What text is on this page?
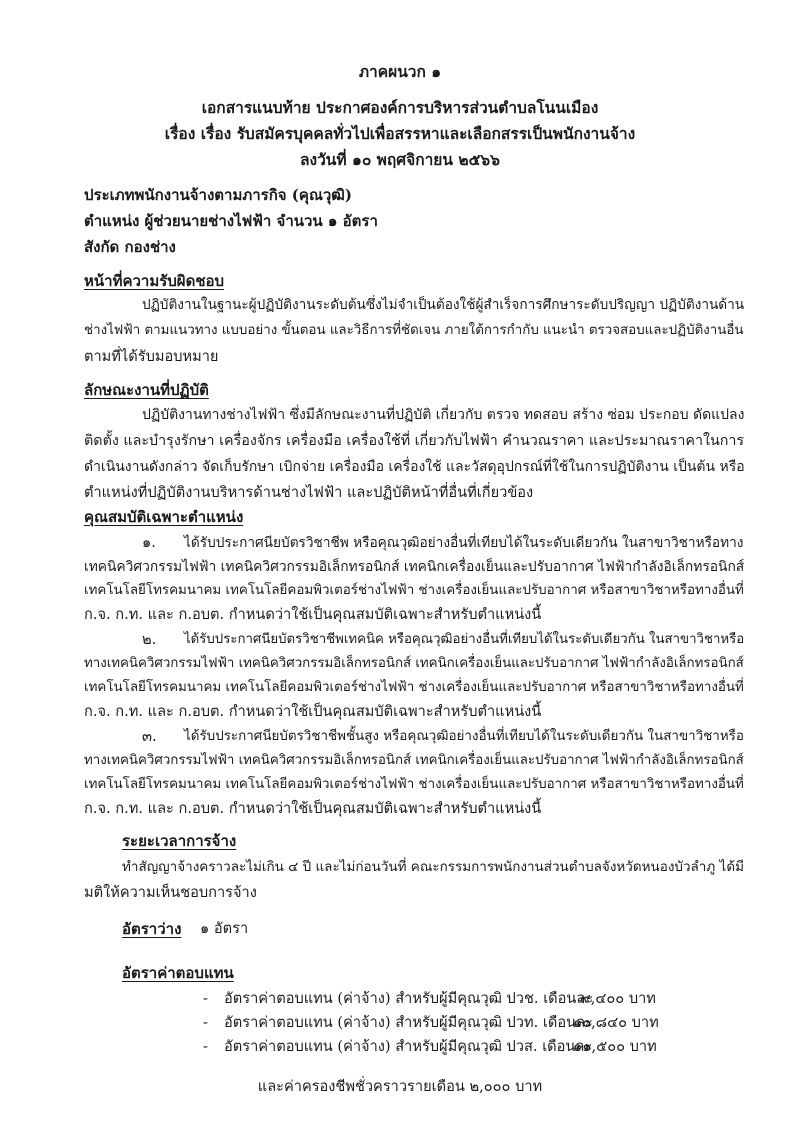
ภาคผนวก ๑
เอกสารแนบท้าย ประกาศองค์การบริหารส่วนตำบลโนนเมือง
เรื่อง เรื่อง รับสมัครบุคคลทั่วไปเพื่อสรรหาและเลือกสรรเป็นพนักงานจ้าง
ลงวันที่ ๑๐ พฤศจิกายน ๒๕๖๖
ประเภทพนักงานจ้างตามภารกิจ (คุณวุฒิ)
ตำแหน่ง ผู้ช่วยนายช่างไฟฟ้า จำนวน ๑ อัตรา
สังกัด กองช่าง
หน้าที่ความรับผิดชอบ
ปฏิบัติงานในฐานะผู้ปฏิบัติงานระดับต้นซึ่งไม่จำเป็นต้องใช้ผู้สำเร็จการศึกษาระดับปริญญา ปฏิบัติงานด้าน
ช่างไฟฟ้า ตามแนวทาง แบบอย่าง ขั้นตอน และวิธีการที่ชัดเจน ภายใต้การกำกับ แนะนำ ตรวจสอบและปฏิบัติงานอื่น
ตามที่ได้รับมอบหมาย
ลักษณะงานที่ปฏิบัติ
ปฏิบัติงานทางช่างไฟฟ้า ซึ่งมีลักษณะงานที่ปฏิบัติ เกี่ยวกับ ตรวจ ทดสอบ สร้าง ซ่อม ประกอบ ดัดแปลง
ติดตั้ง และบำรุงรักษา เครื่องจักร เครื่องมือ เครื่องใช้ที่ เกี่ยวกับไฟฟ้า คำนวณราคา และประมาณราคาในการ
ดำเนินงานดังกล่าว จัดเก็บรักษา เบิกจ่าย เครื่องมือ เครื่องใช้ และวัสดุอุปกรณ์ที่ใช้ในการปฏิบัติงาน เป็นต้น หรือ
ตำแหน่งที่ปฏิบัติงานบริหารด้านช่างไฟฟ้า และปฏิบัติหน้าที่อื่นที่เกี่ยวข้อง
คุณสมบัติเฉพาะตำแหน่ง
๑. ได้รับประกาศนียบัตรวิชาชีพ หรือคุณวุฒิอย่างอื่นที่เทียบได้ในระดับเดียวกัน ในสาขาวิชาหรือทาง
เทคนิควิศวกรรมไฟฟ้า เทคนิควิศวกรรมอิเล็กทรอนิกส์ เทคนิกเครื่องเย็นและปรับอากาศ ไฟฟ้ากำลังอิเล็กทรอนิกส์
เทคโนโลยีโทรคมนาคม เทคโนโลยีคอมพิวเตอร์ช่างไฟฟ้า ช่างเครื่องเย็นและปรับอากาศ หรือสาขาวิชาหรือทางอื่นที่
ก.จ. ก.ท. และ ก.อบต. กำหนดว่าใช้เป็นคุณสมบัติเฉพาะสำหรับตำแหน่งนี้
๒. ได้รับประกาศนียบัตรวิชาชีพเทคนิค หรือคุณวุฒิอย่างอื่นที่เทียบได้ในระดับเดียวกัน ในสาขาวิชาหรือ
ทางเทคนิควิศวกรรมไฟฟ้า เทคนิควิศวกรรมอิเล็กทรอนิกส์ เทคนิกเครื่องเย็นและปรับอากาศ ไฟฟ้ากำลังอิเล็กทรอนิกส์
เทคโนโลยีโทรคมนาคม เทคโนโลยีคอมพิวเตอร์ช่างไฟฟ้า ช่างเครื่องเย็นและปรับอากาศ หรือสาขาวิชาหรือทางอื่นที่
ก.จ. ก.ท. และ ก.อบต. กำหนดว่าใช้เป็นคุณสมบัติเฉพาะสำหรับตำแหน่งนี้
๓. ได้รับประกาศนียบัตรวิชาชีพชั้นสูง หรือคุณวุฒิอย่างอื่นที่เทียบได้ในระดับเดียวกัน ในสาขาวิชาหรือ
ทางเทคนิควิศวกรรมไฟฟ้า เทคนิควิศวกรรมอิเล็กทรอนิกส์ เทคนิกเครื่องเย็นและปรับอากาศ ไฟฟ้ากำลังอิเล็กทรอนิกส์
เทคโนโลยีโทรคมนาคม เทคโนโลยีคอมพิวเตอร์ช่างไฟฟ้า ช่างเครื่องเย็นและปรับอากาศ หรือสาขาวิชาหรือทางอื่นที่
ก.จ. ก.ท. และ ก.อบต. กำหนดว่าใช้เป็นคุณสมบัติเฉพาะสำหรับตำแหน่งนี้
ระยะเวลาการจ้าง
ทำสัญญาจ้างคราวละไม่เกิน ๔ ปี และไม่ก่อนวันที่ คณะกรรมการพนักงานส่วนตำบลจังหวัดหนองบัวลำภู ได้มี
มติให้ความเห็นชอบการจ้าง
อัตราว่าง ๑ อัตรา
อัตราค่าตอบแทน
- อัตราค่าตอบแทน (ค่าจ้าง) สำหรับผู้มีคุณวุฒิ ปวช. เดือนละ
๙,๔๐๐ บาท
- อัตราค่าตอบแทน (ค่าจ้าง) สำหรับผู้มีคุณวุฒิ ปวท. เดือนละ
๑๐,๘๔๐ บาท
- อัตราค่าตอบแทน (ค่าจ้าง) สำหรับผู้มีคุณวุฒิ ปวส. เดือนละ
๑๑,๕๐๐ บาท
และค่าครองชีพชั่วคราวรายเดือน ๒,๐๐๐ บาท
